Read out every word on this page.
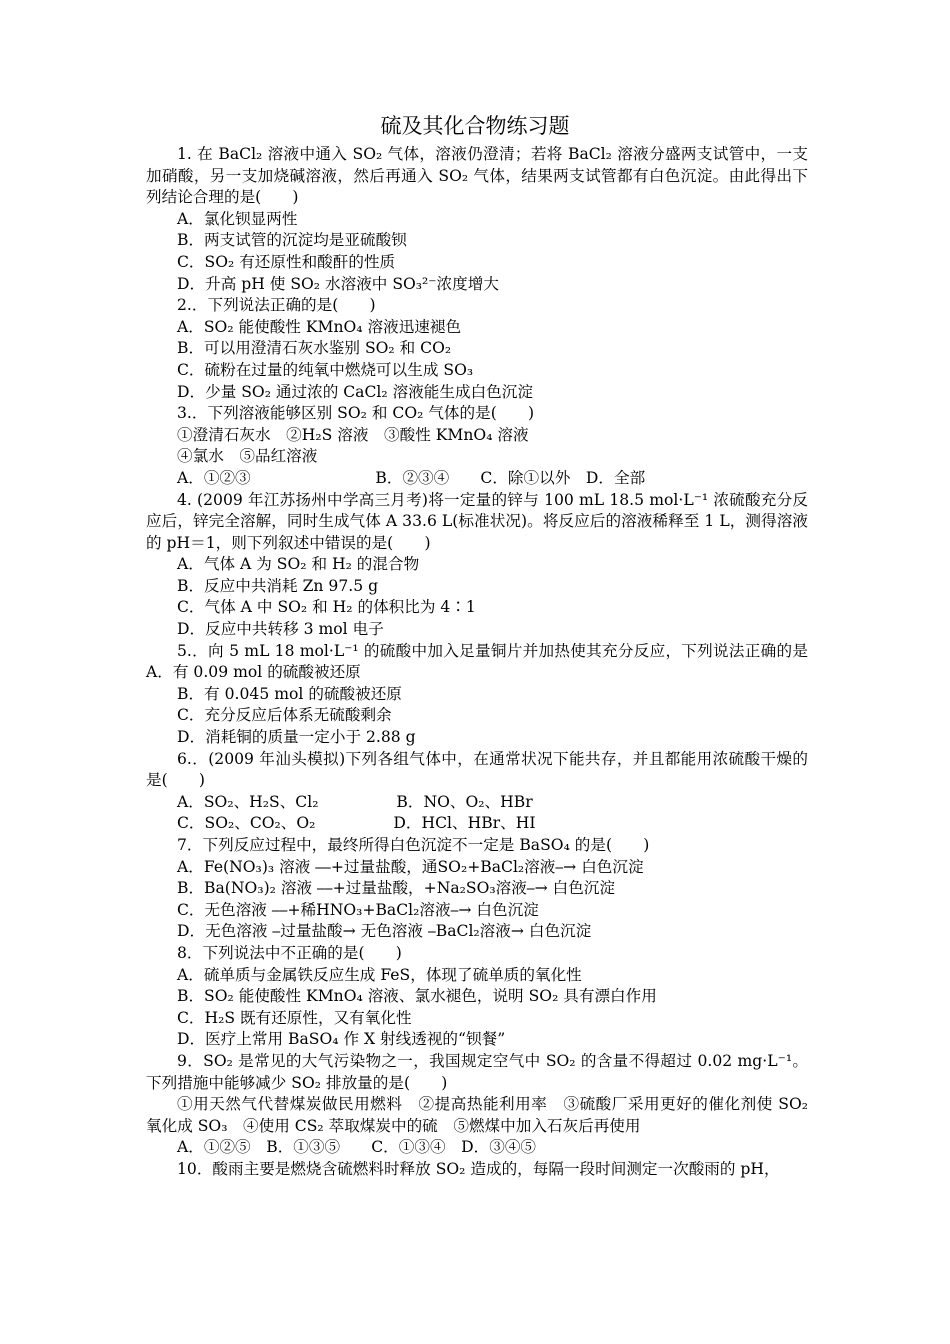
硫及其化合物练习题

1. 在 BaCl₂ 溶液中通入 SO₂ 气体，溶液仍澄清；若将 BaCl₂ 溶液分盛两支试管中，一支加硝酸，另一支加烧碱溶液，然后再通入 SO₂ 气体，结果两支试管都有白色沉淀。由此得出下列结论合理的是(　　)

A．氯化钡显两性

B．两支试管的沉淀均是亚硫酸钡

C．SO₂ 有还原性和酸酐的性质

D．升高 pH 使 SO₂ 水溶液中 SO₃²⁻浓度增大

2.．下列说法正确的是(　　)

A．SO₂ 能使酸性 KMnO₄ 溶液迅速褪色

B．可以用澄清石灰水鉴别 SO₂ 和 CO₂

C．硫粉在过量的纯氧中燃烧可以生成 SO₃

D．少量 SO₂ 通过浓的 CaCl₂ 溶液能生成白色沉淀

3.．下列溶液能够区别 SO₂ 和 CO₂ 气体的是(　　)

①澄清石灰水　②H₂S 溶液　③酸性 KMnO₄ 溶液

④氯水　⑤品红溶液

A．①②③　　　　　　　　B．②③④　　C．除①以外　D．全部

4. (2009 年江苏扬州中学高三月考)将一定量的锌与 100 mL 18.5 mol·L⁻¹ 浓硫酸充分反应后，锌完全溶解，同时生成气体 A 33.6 L(标准状况)。将反应后的溶液稀释至 1 L，测得溶液的 pH＝1，则下列叙述中错误的是(　　)

A．气体 A 为 SO₂ 和 H₂ 的混合物

B．反应中共消耗 Zn 97.5 g

C．气体 A 中 SO₂ 和 H₂ 的体积比为 4∶1

D．反应中共转移 3 mol 电子

5.．向 5 mL 18 mol·L⁻¹ 的硫酸中加入足量铜片并加热使其充分反应，下列说法正确的是 A．有 0.09 mol 的硫酸被还原

B．有 0.045 mol 的硫酸被还原

C．充分反应后体系无硫酸剩余

D．消耗铜的质量一定小于 2.88 g

6.．(2009 年汕头模拟)下列各组气体中，在通常状况下能共存，并且都能用浓硫酸干燥的是(　　)

A．SO₂、H₂S、Cl₂　　　　　B．NO、O₂、HBr

C．SO₂、CO₂、O₂　　　　　D．HCl、HBr、HI

7．下列反应过程中，最终所得白色沉淀不一定是 BaSO₄ 的是(　　)

A．Fe(NO₃)₃ 溶液 ⎯⎯+过量盐酸，通SO₂+BaCl₂溶液⎯→ 白色沉淀

B．Ba(NO₃)₂ 溶液 ⎯⎯+过量盐酸，+Na₂SO₃溶液⎯→ 白色沉淀

C．无色溶液 ⎯⎯+稀HNO₃+BaCl₂溶液⎯→ 白色沉淀

D．无色溶液 ⎯过量盐酸→ 无色溶液 ⎯BaCl₂溶液→ 白色沉淀

8．下列说法中不正确的是(　　)

A．硫单质与金属铁反应生成 FeS，体现了硫单质的氧化性

B．SO₂ 能使酸性 KMnO₄ 溶液、氯水褪色，说明 SO₂ 具有漂白作用

C．H₂S 既有还原性，又有氧化性

D．医疗上常用 BaSO₄ 作 X 射线透视的“钡餐”

9．SO₂ 是常见的大气污染物之一，我国规定空气中 SO₂ 的含量不得超过 0.02 mg·L⁻¹。下列措施中能够减少 SO₂ 排放量的是(　　)

①用天然气代替煤炭做民用燃料　②提高热能利用率　③硫酸厂采用更好的催化剂使 SO₂ 氧化成 SO₃　④使用 CS₂ 萃取煤炭中的硫　⑤燃煤中加入石灰后再使用

A．①②⑤　B．①③⑤　　C．①③④　D．③④⑤

10．酸雨主要是燃烧含硫燃料时释放 SO₂ 造成的，每隔一段时间测定一次酸雨的 pH，
